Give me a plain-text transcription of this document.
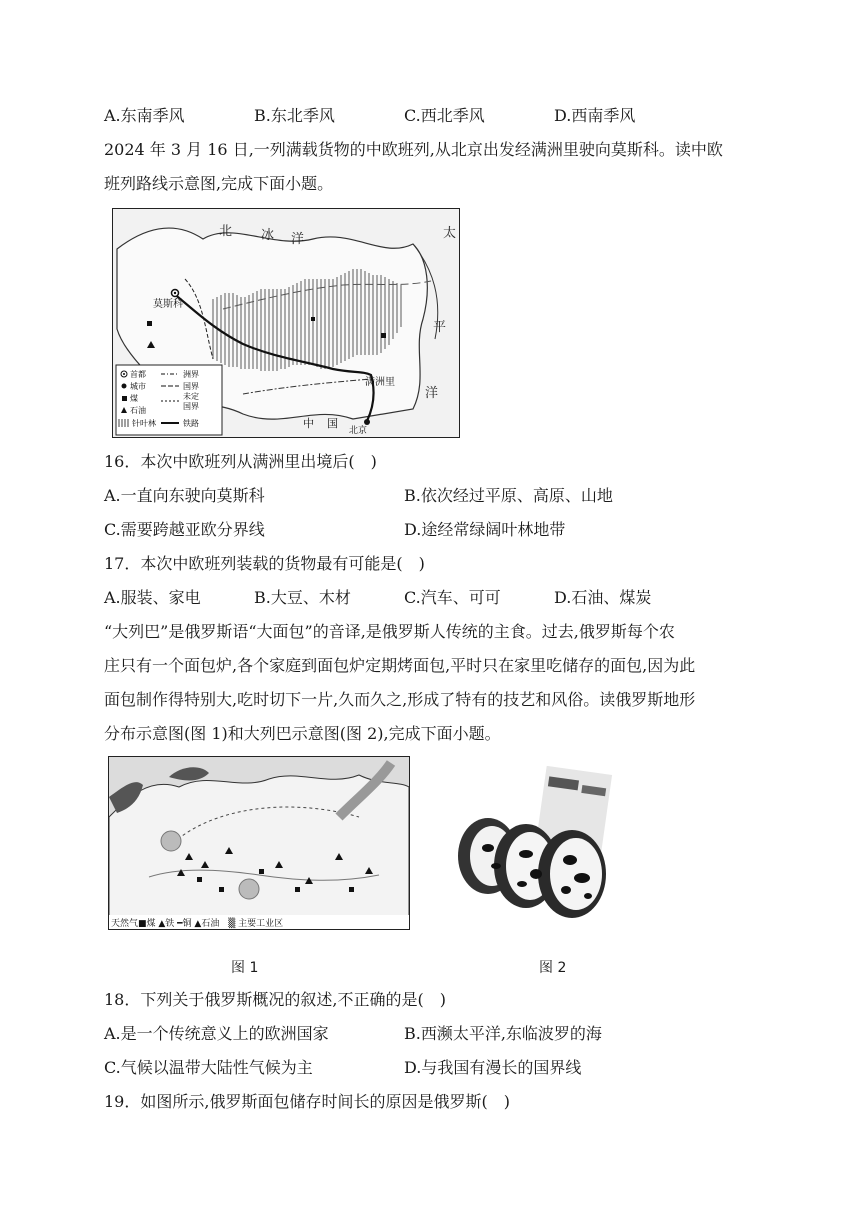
A.东南季风	B.东北季风	C.西北季风	D.西南季风
2024 年 3 月 16 日,一列满载货物的中欧班列,从北京出发经满洲里驶向莫斯科。读中欧
班列路线示意图,完成下面小题。
北 冰 洋	太
平
洋
莫斯科
满洲里
中 国
北京
首都
城市
煤
石油
针叶林
洲界
国界
未定
国界
铁路
16．本次中欧班列从满洲里出境后(　)
A.一直向东驶向莫斯科	B.依次经过平原、高原、山地
C.需要跨越亚欧分界线	D.途经常绿阔叶林地带
17．本次中欧班列装载的货物最有可能是(　)
A.服装、家电	B.大豆、木材	C.汽车、可可	D.石油、煤炭
“大列巴”是俄罗斯语“大面包”的音译,是俄罗斯人传统的主食。过去,俄罗斯每个农
庄只有一个面包炉,各个家庭到面包炉定期烤面包,平时只在家里吃储存的面包,因为此
面包制作得特别大,吃时切下一片,久而久之,形成了特有的技艺和风俗。读俄罗斯地形
分布示意图(图 1)和大列巴示意图(图 2),完成下面小题。
天然气■煤 ▲铁 ━铜 ▲石油　▒ 主要工业区
图 1	图 2
18．下列关于俄罗斯概况的叙述,不正确的是(　)
A.是一个传统意义上的欧洲国家	B.西濒太平洋,东临波罗的海
C.气候以温带大陆性气候为主	D.与我国有漫长的国界线
19．如图所示,俄罗斯面包储存时间长的原因是俄罗斯(　)
